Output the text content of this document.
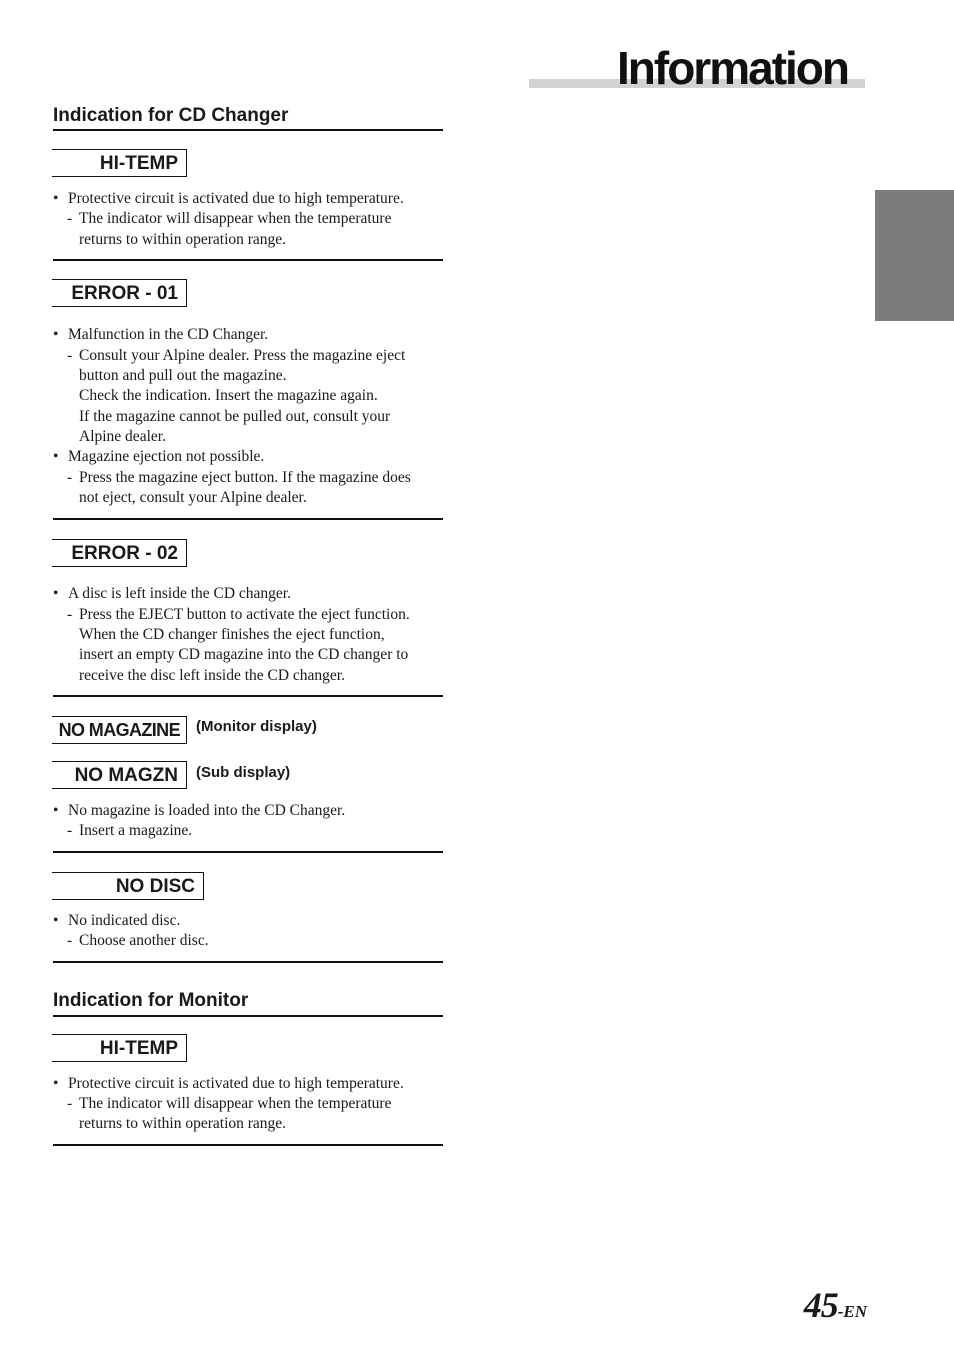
Information
Indication for CD Changer
HI-TEMP
• Protective circuit is activated due to high temperature.
- The indicator will disappear when the temperature
returns to within operation range.
ERROR - 01
• Malfunction in the CD Changer.
- Consult your Alpine dealer. Press the magazine eject
button and pull out the magazine.
Check the indication. Insert the magazine again.
If the magazine cannot be pulled out, consult your
Alpine dealer.
• Magazine ejection not possible.
- Press the magazine eject button. If the magazine does
not eject, consult your Alpine dealer.
ERROR - 02
• A disc is left inside the CD changer.
- Press the EJECT button to activate the eject function.
When the CD changer finishes the eject function,
insert an empty CD magazine into the CD changer to
receive the disc left inside the CD changer.
NO MAGAZINE	(Monitor display)
NO MAGZN	(Sub display)
• No magazine is loaded into the CD Changer.
- Insert a magazine.
NO DISC
• No indicated disc.
- Choose another disc.
Indication for Monitor
HI-TEMP
• Protective circuit is activated due to high temperature.
- The indicator will disappear when the temperature
returns to within operation range.
45-EN
